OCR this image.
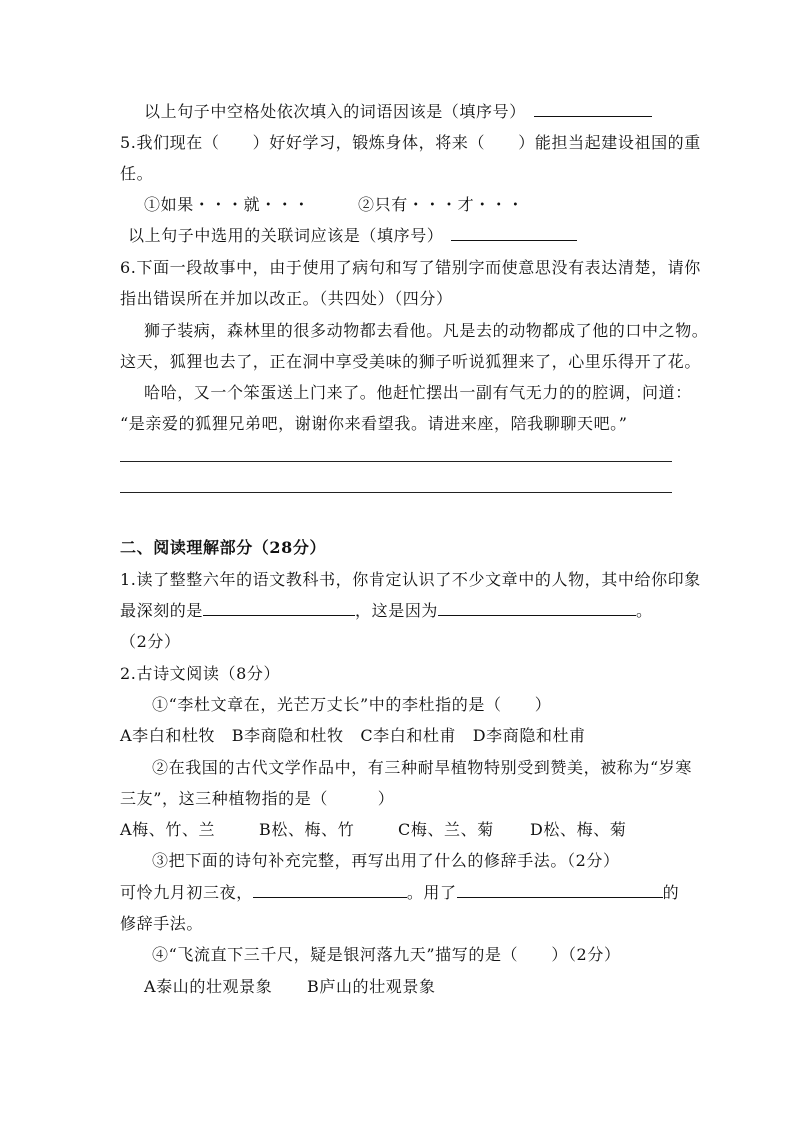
以上句子中空格处依次填入的词语因该是（填序号）
5.我们现在（　　）好好学习，锻炼身体，将来（　　）能担当起建设祖国的重
任。
①如果・・・就・・・	②只有・・・才・・・
以上句子中选用的关联词应该是（填序号）
6.下面一段故事中，由于使用了病句和写了错别字而使意思没有表达清楚，请你
指出错误所在并加以改正。（共四处）（四分）
狮子装病，森林里的很多动物都去看他。凡是去的动物都成了他的口中之物。
这天，狐狸也去了，正在洞中享受美味的狮子听说狐狸来了，心里乐得开了花。
哈哈，又一个笨蛋送上门来了。他赶忙摆出一副有气无力的的腔调，问道：
“是亲爱的狐狸兄弟吧，谢谢你来看望我。请进来座，陪我聊聊天吧。”
二、阅读理解部分（28分）
1.读了整整六年的语文教科书，你肯定认识了不少文章中的人物，其中给你印象
最深刻的是	，这是因为	。
（2分）
2.古诗文阅读（8分）
①“李杜文章在，光芒万丈长”中的李杜指的是（　　）
A李白和杜牧　B李商隐和杜牧　C李白和杜甫　D李商隐和杜甫
②在我国的古代文学作品中，有三种耐旱植物特别受到赞美，被称为“岁寒
三友”，这三种植物指的是（　　　）
A梅、竹、兰	B松、梅、竹	C梅、兰、菊 D松、梅、菊
③把下面的诗句补充完整，再写出用了什么的修辞手法。（2分）
可怜九月初三夜，	。用了	的
修辞手法。
④“飞流直下三千尺，疑是银河落九天”描写的是（　　）（2分）
A泰山的壮观景象 B庐山的壮观景象
